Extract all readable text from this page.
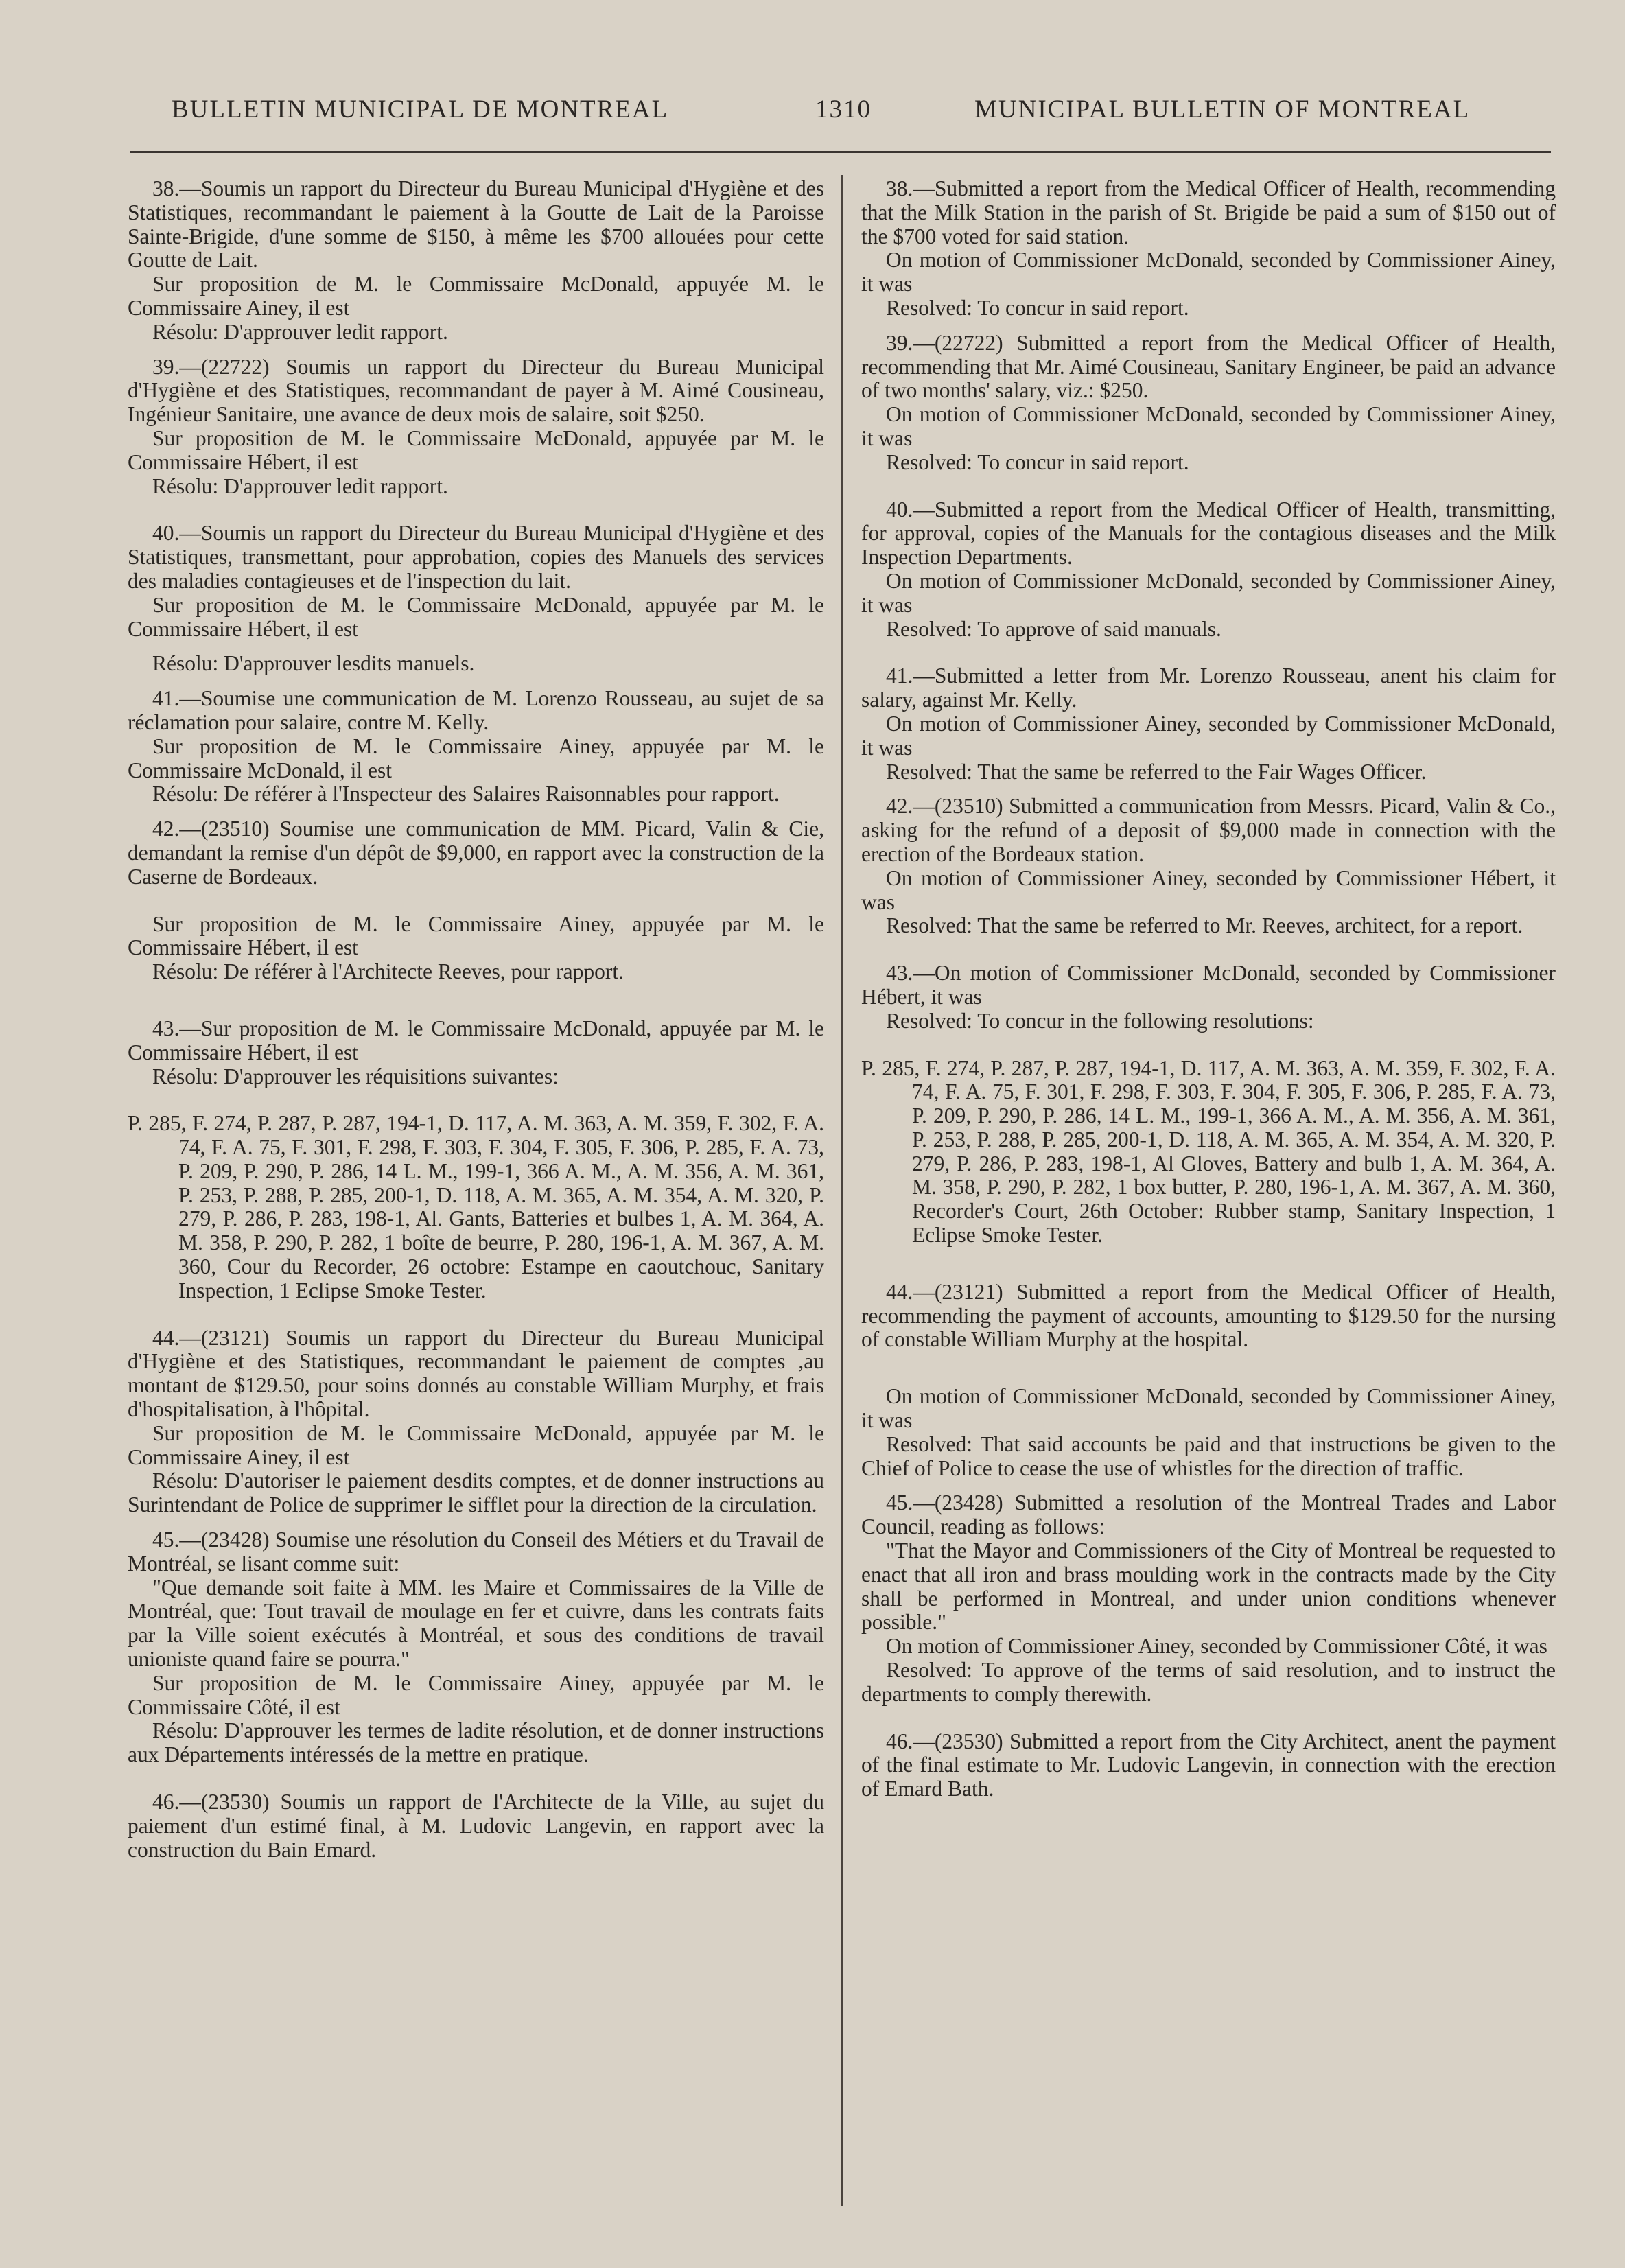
BULLETIN MUNICIPAL DE MONTREAL	1310	MUNICIPAL BULLETIN OF MONTREAL

38.—Soumis un rapport du Directeur du Bureau Municipal d'Hygiène et des Statistiques, recommandant le paiement à la Goutte de Lait de la Paroisse Sainte-Brigide, d'une somme de $150, à même les $700 allouées pour cette Goutte de Lait.

Sur proposition de M. le Commissaire McDonald, appuyée M. le Commissaire Ainey, il est

Résolu: D'approuver ledit rapport.

39.—(22722) Soumis un rapport du Directeur du Bureau Municipal d'Hygiène et des Statistiques, recommandant de payer à M. Aimé Cousineau, Ingénieur Sanitaire, une avance de deux mois de salaire, soit $250.

Sur proposition de M. le Commissaire McDonald, appuyée par M. le Commissaire Hébert, il est

Résolu: D'approuver ledit rapport.

40.—Soumis un rapport du Directeur du Bureau Municipal d'Hygiène et des Statistiques, transmettant, pour approbation, copies des Manuels des services des maladies contagieuses et de l'inspection du lait.

Sur proposition de M. le Commissaire McDonald, appuyée par M. le Commissaire Hébert, il est

Résolu: D'approuver lesdits manuels.

41.—Soumise une communication de M. Lorenzo Rousseau, au sujet de sa réclamation pour salaire, contre M. Kelly.

Sur proposition de M. le Commissaire Ainey, appuyée par M. le Commissaire McDonald, il est

Résolu: De référer à l'Inspecteur des Salaires Raisonnables pour rapport.

42.—(23510) Soumise une communication de MM. Picard, Valin & Cie, demandant la remise d'un dépôt de $9,000, en rapport avec la construction de la Caserne de Bordeaux.

Sur proposition de M. le Commissaire Ainey, appuyée par M. le Commissaire Hébert, il est

Résolu: De référer à l'Architecte Reeves, pour rapport.

43.—Sur proposition de M. le Commissaire McDonald, appuyée par M. le Commissaire Hébert, il est

Résolu: D'approuver les réquisitions suivantes:

P. 285, F. 274, P. 287, P. 287, 194-1, D. 117, A. M. 363, A. M. 359, F. 302, F. A. 74, F. A. 75, F. 301, F. 298, F. 303, F. 304, F. 305, F. 306, P. 285, F. A. 73, P. 209, P. 290, P. 286, 14 L. M., 199-1, 366 A. M., A. M. 356, A. M. 361, P. 253, P. 288, P. 285, 200-1, D. 118, A. M. 365, A. M. 354, A. M. 320, P. 279, P. 286, P. 283, 198-1, Al. Gants, Batteries et bulbes 1, A. M. 364, A. M. 358, P. 290, P. 282, 1 boîte de beurre, P. 280, 196-1, A. M. 367, A. M. 360, Cour du Recorder, 26 octobre: Estampe en caoutchouc, Sanitary Inspection, 1 Eclipse Smoke Tester.

44.—(23121) Soumis un rapport du Directeur du Bureau Municipal d'Hygiène et des Statistiques, recommandant le paiement de comptes ,au montant de $129.50, pour soins donnés au constable William Murphy, et frais d'hospitalisation, à l'hôpital.

Sur proposition de M. le Commissaire McDonald, appuyée par M. le Commissaire Ainey, il est

Résolu: D'autoriser le paiement desdits comptes, et de donner instructions au Surintendant de Police de supprimer le sifflet pour la direction de la circulation.

45.—(23428) Soumise une résolution du Conseil des Métiers et du Travail de Montréal, se lisant comme suit:

"Que demande soit faite à MM. les Maire et Commissaires de la Ville de Montréal, que: Tout travail de moulage en fer et cuivre, dans les contrats faits par la Ville soient exécutés à Montréal, et sous des conditions de travail unioniste quand faire se pourra."

Sur proposition de M. le Commissaire Ainey, appuyée par M. le Commissaire Côté, il est

Résolu: D'approuver les termes de ladite résolution, et de donner instructions aux Départements intéressés de la mettre en pratique.

46.—(23530) Soumis un rapport de l'Architecte de la Ville, au sujet du paiement d'un estimé final, à M. Ludovic Langevin, en rapport avec la construction du Bain Emard.

38.—Submitted a report from the Medical Officer of Health, recommending that the Milk Station in the parish of St. Brigide be paid a sum of $150 out of the $700 voted for said station.

On motion of Commissioner McDonald, seconded by Commissioner Ainey, it was

Resolved: To concur in said report.

39.—(22722) Submitted a report from the Medical Officer of Health, recommending that Mr. Aimé Cousineau, Sanitary Engineer, be paid an advance of two months' salary, viz.: $250.

On motion of Commissioner McDonald, seconded by Commissioner Ainey, it was

Resolved: To concur in said report.

40.—Submitted a report from the Medical Officer of Health, transmitting, for approval, copies of the Manuals for the contagious diseases and the Milk Inspection Departments.

On motion of Commissioner McDonald, seconded by Commissioner Ainey, it was

Resolved: To approve of said manuals.

41.—Submitted a letter from Mr. Lorenzo Rousseau, anent his claim for salary, against Mr. Kelly.

On motion of Commissioner Ainey, seconded by Commissioner McDonald, it was

Resolved: That the same be referred to the Fair Wages Officer.

42.—(23510) Submitted a communication from Messrs. Picard, Valin & Co., asking for the refund of a deposit of $9,000 made in connection with the erection of the Bordeaux station.

On motion of Commissioner Ainey, seconded by Commissioner Hébert, it was

Resolved: That the same be referred to Mr. Reeves, architect, for a report.

43.—On motion of Commissioner McDonald, seconded by Commissioner Hébert, it was

Resolved: To concur in the following resolutions:

P. 285, F. 274, P. 287, P. 287, 194-1, D. 117, A. M. 363, A. M. 359, F. 302, F. A. 74, F. A. 75, F. 301, F. 298, F. 303, F. 304, F. 305, F. 306, P. 285, F. A. 73, P. 209, P. 290, P. 286, 14 L. M., 199-1, 366 A. M., A. M. 356, A. M. 361, P. 253, P. 288, P. 285, 200-1, D. 118, A. M. 365, A. M. 354, A. M. 320, P. 279, P. 286, P. 283, 198-1, Al Gloves, Battery and bulb 1, A. M. 364, A. M. 358, P. 290, P. 282, 1 box butter, P. 280, 196-1, A. M. 367, A. M. 360, Recorder's Court, 26th October: Rubber stamp, Sanitary Inspection, 1 Eclipse Smoke Tester.

44.—(23121) Submitted a report from the Medical Officer of Health, recommending the payment of accounts, amounting to $129.50 for the nursing of constable William Murphy at the hospital.

On motion of Commissioner McDonald, seconded by Commissioner Ainey, it was

Resolved: That said accounts be paid and that instructions be given to the Chief of Police to cease the use of whistles for the direction of traffic.

45.—(23428) Submitted a resolution of the Montreal Trades and Labor Council, reading as follows:

"That the Mayor and Commissioners of the City of Montreal be requested to enact that all iron and brass moulding work in the contracts made by the City shall be performed in Montreal, and under union conditions whenever possible."

On motion of Commissioner Ainey, seconded by Commissioner Côté, it was

Resolved: To approve of the terms of said resolution, and to instruct the departments to comply therewith.

46.—(23530) Submitted a report from the City Architect, anent the payment of the final estimate to Mr. Ludovic Langevin, in connection with the erection of Emard Bath.
